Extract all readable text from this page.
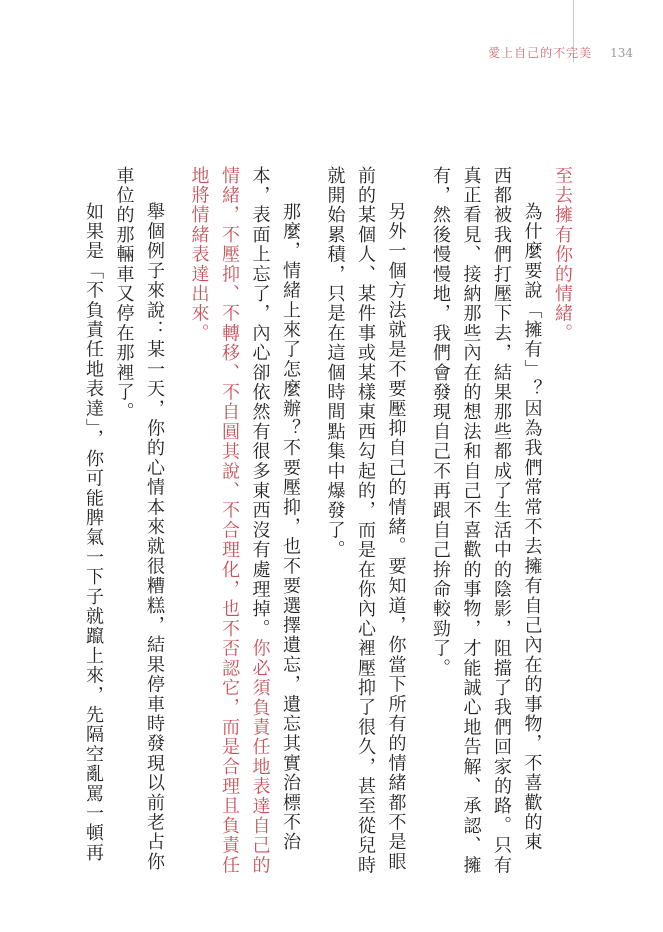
愛上自己的不完美 134
至去擁有你的情緒。
為什麼要說「擁有」？因為我們常常不去擁有自己內在的事物，不喜歡的東
西都被我們打壓下去，結果那些都成了生活中的陰影，阻擋了我們回家的路。只有
真正看見、接納那些內在的想法和自己不喜歡的事物，才能誠心地告解、承認、擁
有，然後慢慢地，我們會發現自己不再跟自己拚命較勁了。
另外一個方法就是不要壓抑自己的情緒。要知道，你當下所有的情緒都不是眼
前的某個人、某件事或某樣東西勾起的，而是在你內心裡壓抑了很久，甚至從兒時
就開始累積，只是在這個時間點集中爆發了。
那麼，情緒上來了怎麼辦？不要壓抑，也不要選擇遺忘，遺忘其實治標不治
本，表面上忘了，內心卻依然有很多東西沒有處理掉。你必須負責任地表達自己的
情緒，不壓抑、不轉移、不自圓其說、不合理化，也不否認它，而是合理且負責任
地將情緒表達出來。
舉個例子來說：某一天，你的心情本來就很糟糕，結果停車時發現以前老占你
車位的那輛車又停在那裡了。
如果是「不負責任地表達」，你可能脾氣一下子就躥上來，先隔空亂罵一頓再
